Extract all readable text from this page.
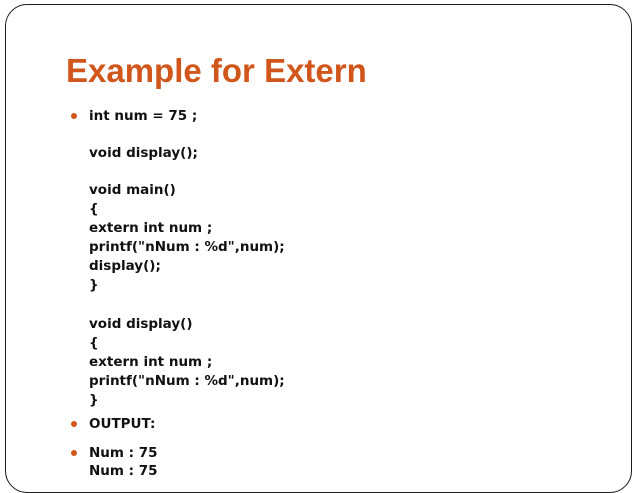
Example for Extern

int num = 75 ;

void display();

void main()

{

extern int num ;

printf("nNum : %d",num);

display();

}

void display()

{

extern int num ;

printf("nNum : %d",num);

}

OUTPUT:

Num : 75

Num : 75
